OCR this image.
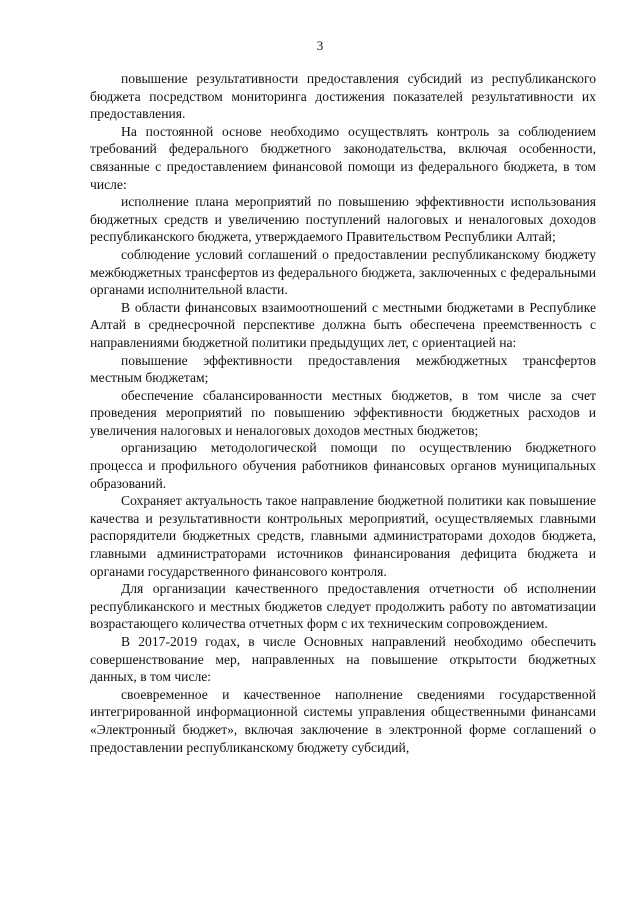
3

повышение результативности предоставления субсидий из республиканского бюджета посредством мониторинга достижения показателей результативности их предоставления.

На постоянной основе необходимо осуществлять контроль за соблюдением требований федерального бюджетного законодательства, включая особенности, связанные с предоставлением финансовой помощи из федерального бюджета, в том числе:

исполнение плана мероприятий по повышению эффективности использования бюджетных средств и увеличению поступлений налоговых и неналоговых доходов республиканского бюджета, утверждаемого Правительством Республики Алтай;

соблюдение условий соглашений о предоставлении республиканскому бюджету межбюджетных трансфертов из федерального бюджета, заключенных с федеральными органами исполнительной власти.

В области финансовых взаимоотношений с местными бюджетами в Республике Алтай в среднесрочной перспективе должна быть обеспечена преемственность с направлениями бюджетной политики предыдущих лет, с ориентацией на:

повышение эффективности предоставления межбюджетных трансфертов местным бюджетам;

обеспечение сбалансированности местных бюджетов, в том числе за счет проведения мероприятий по повышению эффективности бюджетных расходов и увеличения налоговых и неналоговых доходов местных бюджетов;

организацию методологической помощи по осуществлению бюджетного процесса и профильного обучения работников финансовых органов муниципальных образований.

Сохраняет актуальность такое направление бюджетной политики как повышение качества и результативности контрольных мероприятий, осуществляемых главными распорядители бюджетных средств, главными администраторами доходов бюджета, главными администраторами источников финансирования дефицита бюджета и органами государственного финансового контроля.

Для организации качественного предоставления отчетности об исполнении республиканского и местных бюджетов следует продолжить работу по автоматизации возрастающего количества отчетных форм с их техническим сопровождением.

В 2017-2019 годах, в числе Основных направлений необходимо обеспечить совершенствование мер, направленных на повышение открытости бюджетных данных, в том числе:

своевременное и качественное наполнение сведениями государственной интегрированной информационной системы управления общественными финансами «Электронный бюджет», включая заключение в электронной форме соглашений о предоставлении республиканскому бюджету субсидий,
